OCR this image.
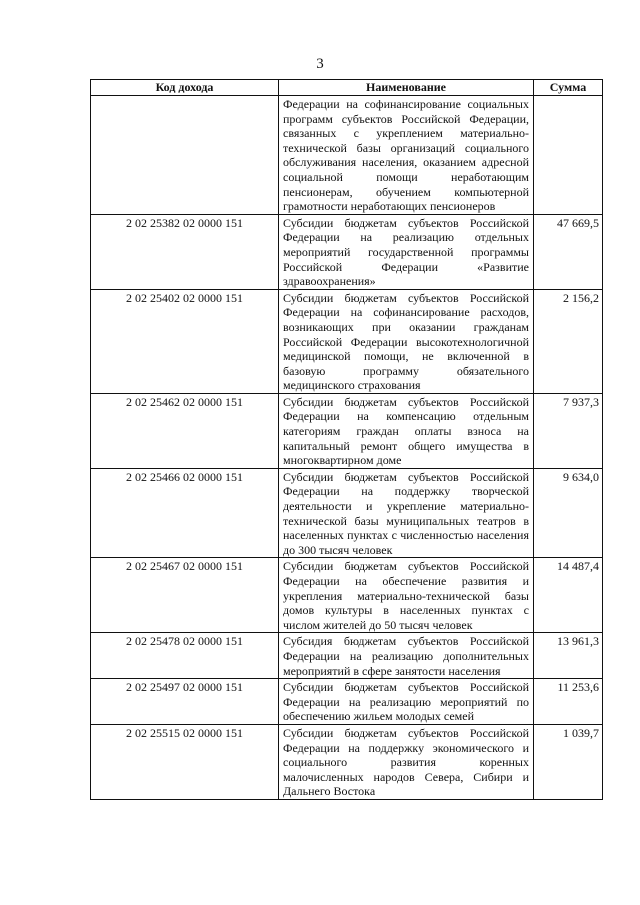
3
Код дохода	Наименование	Сумма
	Федерации на софинансирование социальных программ субъектов Российской Федерации, связанных с укреплением материально-технической базы организаций социального обслуживания населения, оказанием адресной социальной помощи неработающим пенсионерам, обучением компьютерной грамотности неработающих пенсионеров	
2 02 25382 02 0000 151	Субсидии бюджетам субъектов Российской Федерации на реализацию отдельных мероприятий государственной программы Российской Федерации «Развитие здравоохранения»	47 669,5
2 02 25402 02 0000 151	Субсидии бюджетам субъектов Российской Федерации на софинансирование расходов, возникающих при оказании гражданам Российской Федерации высокотехнологичной медицинской помощи, не включенной в базовую программу обязательного медицинского страхования	2 156,2
2 02 25462 02 0000 151	Субсидии бюджетам субъектов Российской Федерации на компенсацию отдельным категориям граждан оплаты взноса на капитальный ремонт общего имущества в многоквартирном доме	7 937,3
2 02 25466 02 0000 151	Субсидии бюджетам субъектов Российской Федерации на поддержку творческой деятельности и укрепление материально-технической базы муниципальных театров в населенных пунктах с численностью населения до 300 тысяч человек	9 634,0
2 02 25467 02 0000 151	Субсидии бюджетам субъектов Российской Федерации на обеспечение развития и укрепления материально-технической базы домов культуры в населенных пунктах с числом жителей до 50 тысяч человек	14 487,4
2 02 25478 02 0000 151	Субсидия бюджетам субъектов Российской Федерации на реализацию дополнительных мероприятий в сфере занятости населения	13 961,3
2 02 25497 02 0000 151	Субсидии бюджетам субъектов Российской Федерации на реализацию мероприятий по обеспечению жильем молодых семей	11 253,6
2 02 25515 02 0000 151	Субсидии бюджетам субъектов Российской Федерации на поддержку экономического и социального развития коренных малочисленных народов Севера, Сибири и Дальнего Востока	1 039,7
